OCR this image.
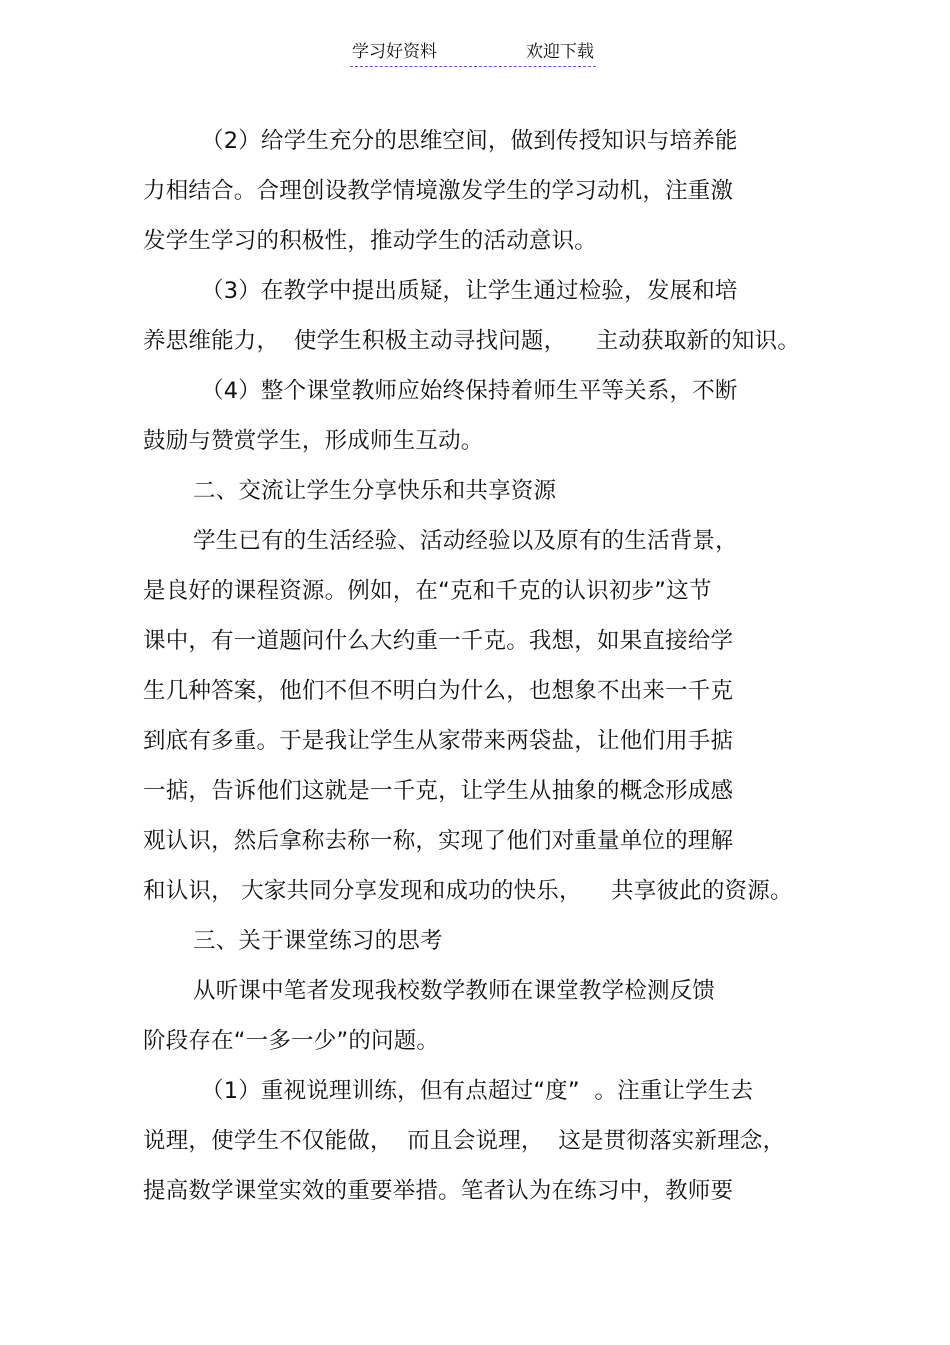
学习好资料	欢迎下载
（2）给学生充分的思维空间，做到传授知识与培养能
力相结合。合理创设教学情境激发学生的学习动机，注重激
发学生学习的积极性，推动学生的活动意识。
（3）在教学中提出质疑，让学生通过检验，发展和培
养思维能力，  使学生积极主动寻找问题，    主动获取新的知识。
（4）整个课堂教师应始终保持着师生平等关系，不断
鼓励与赞赏学生，形成师生互动。
二、交流让学生分享快乐和共享资源
学生已有的生活经验、活动经验以及原有的生活背景，
是良好的课程资源。例如，在“克和千克的认识初步”这节
课中，有一道题问什么大约重一千克。我想，如果直接给学
生几种答案，他们不但不明白为什么，也想象不出来一千克
到底有多重。于是我让学生从家带来两袋盐，让他们用手掂
一掂，告诉他们这就是一千克，让学生从抽象的概念形成感
观认识，然后拿称去称一称，实现了他们对重量单位的理解
和认识， 大家共同分享发现和成功的快乐，    共享彼此的资源。
三、关于课堂练习的思考
从听课中笔者发现我校数学教师在课堂教学检测反馈
阶段存在“一多一少”的问题。
（1）重视说理训练，但有点超过“度”  。注重让学生去
说理，使学生不仅能做，  而且会说理，  这是贯彻落实新理念，
提高数学课堂实效的重要举措。笔者认为在练习中，教师要
